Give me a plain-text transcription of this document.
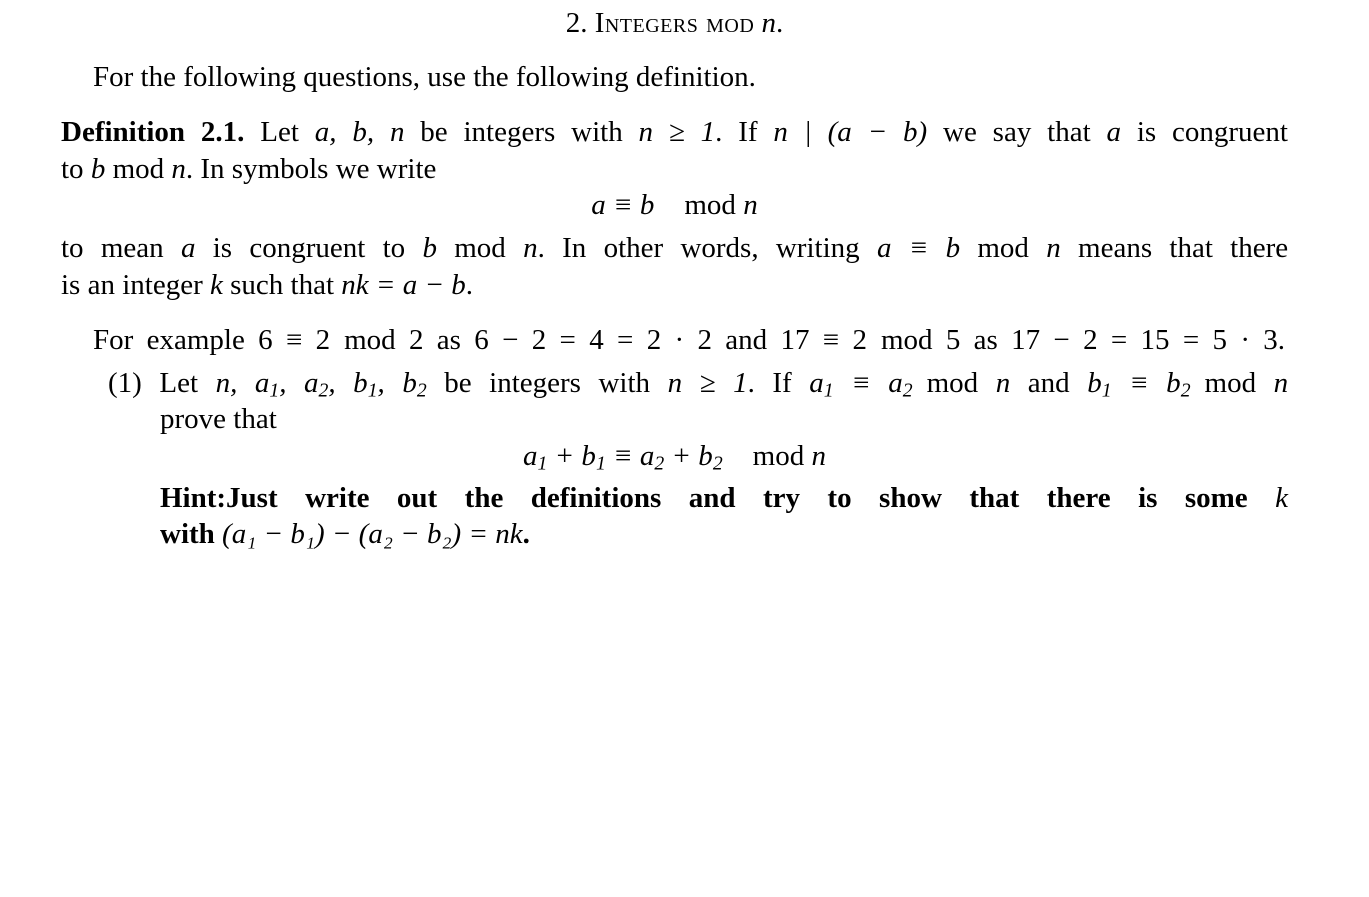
2. Integers mod n.
For the following questions, use the following definition.
Definition 2.1. Let a, b, n be integers with n ≥ 1. If n | (a − b) we say that a is congruent
to b mod n. In symbols we write
a ≡ b mod n
to mean a is congruent to b mod n. In other words, writing a ≡ b mod n means that there
is an integer k such that nk = a − b.
For example 6 ≡ 2 mod 2 as 6 − 2 = 4 = 2 · 2 and 17 ≡ 2 mod 5 as 17 − 2 = 15 = 5 · 3.
(1) Let n, $a_1$, $a_2$, $b_1$, $b_2$ be integers with n ≥ 1. If $a_1 \equiv a_2$ mod n and $b_1 \equiv b_2$ mod n
prove that
$a_1 + b_1 \equiv a_2 + b_2$ mod n
Hint:Just write out the definitions and try to show that there is some k
with (a₁ − b₁) − (a₂ − b₂) = nk.
